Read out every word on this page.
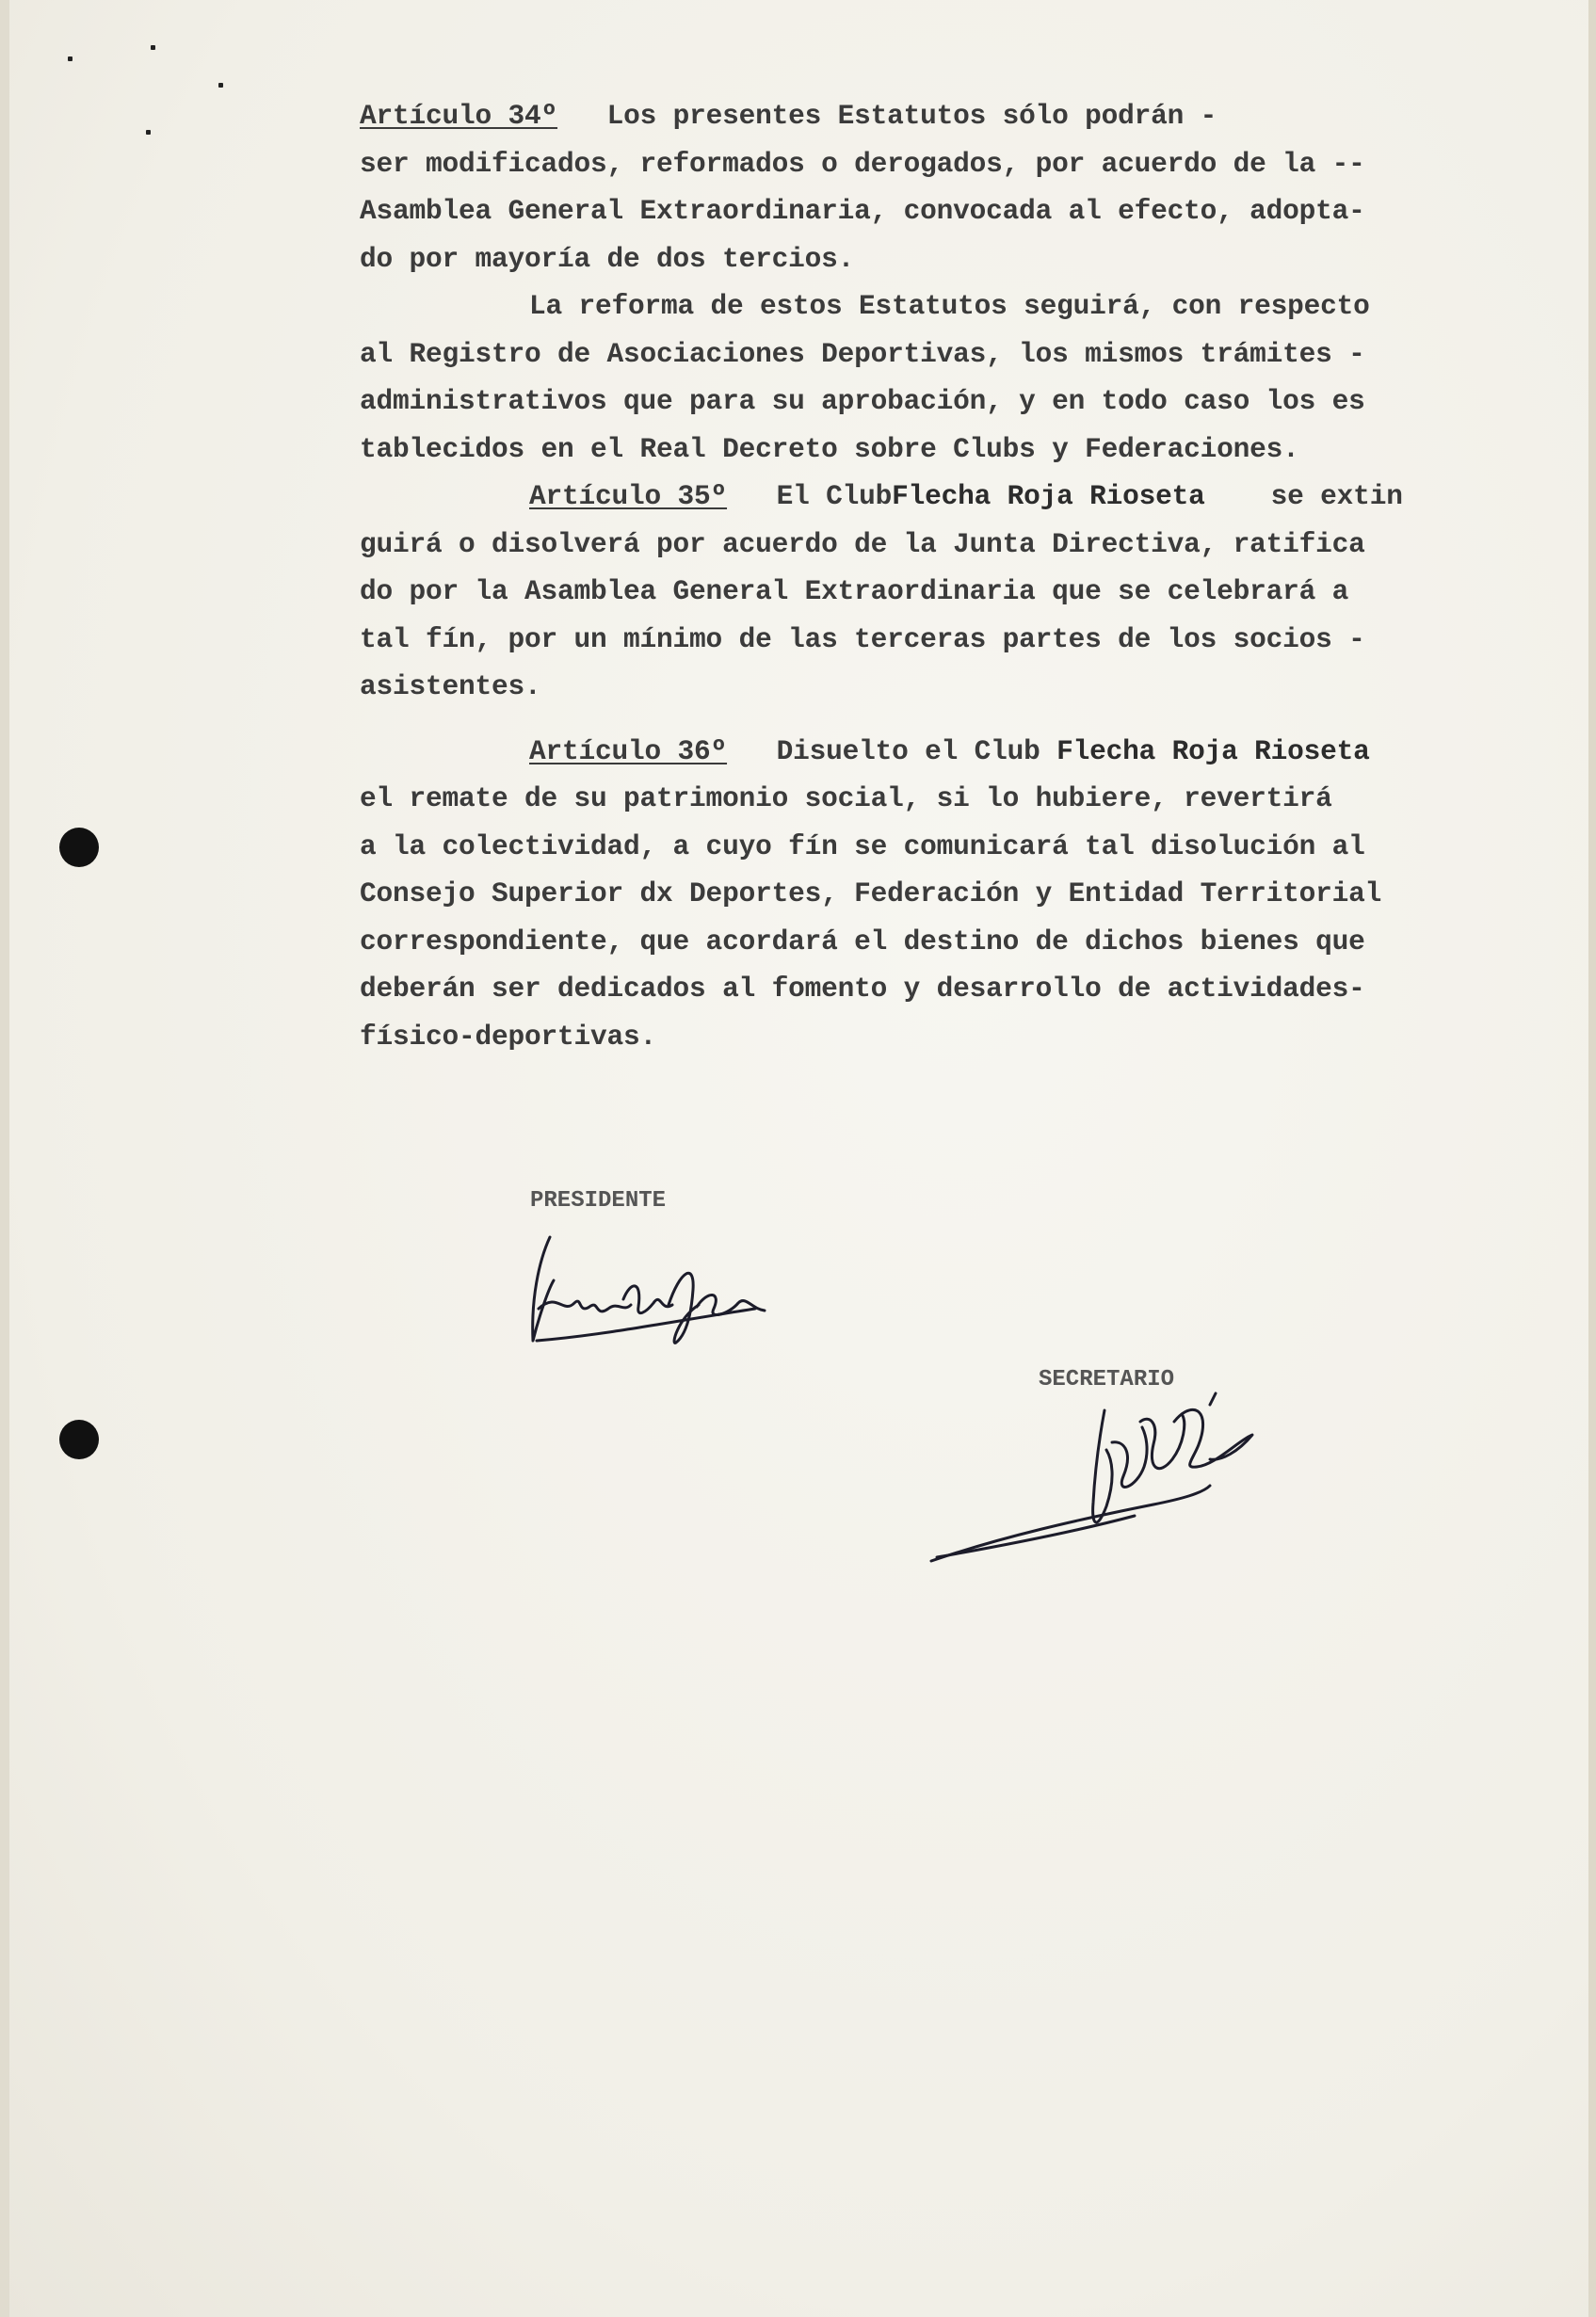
Artículo 34º Los presentes Estatutos sólo podrán -
ser modificados, reformados o derogados, por acuerdo de la --
Asamblea General Extraordinaria, convocada al efecto, adopta-
do por mayoría de dos tercios.
La reforma de estos Estatutos seguirá, con respecto
al Registro de Asociaciones Deportivas, los mismos trámites -
administrativos que para su aprobación, y en todo caso los es
tablecidos en el Real Decreto sobre Clubs y Federaciones.
Artículo 35º El ClubFlecha Roja Rioseta se extin
guirá o disolverá por acuerdo de la Junta Directiva, ratifica
do por la Asamblea General Extraordinaria que se celebrará a
tal fín, por un mínimo de las terceras partes de los socios -
asistentes.
Artículo 36º Disuelto el Club Flecha Roja Rioseta
el remate de su patrimonio social, si lo hubiere, revertirá
a la colectividad, a cuyo fín se comunicará tal disolución al
Consejo Superior dx Deportes, Federación y Entidad Territorial
correspondiente, que acordará el destino de dichos bienes que
deberán ser dedicados al fomento y desarrollo de actividades-
físico-deportivas.
PRESIDENTE
SECRETARIO
